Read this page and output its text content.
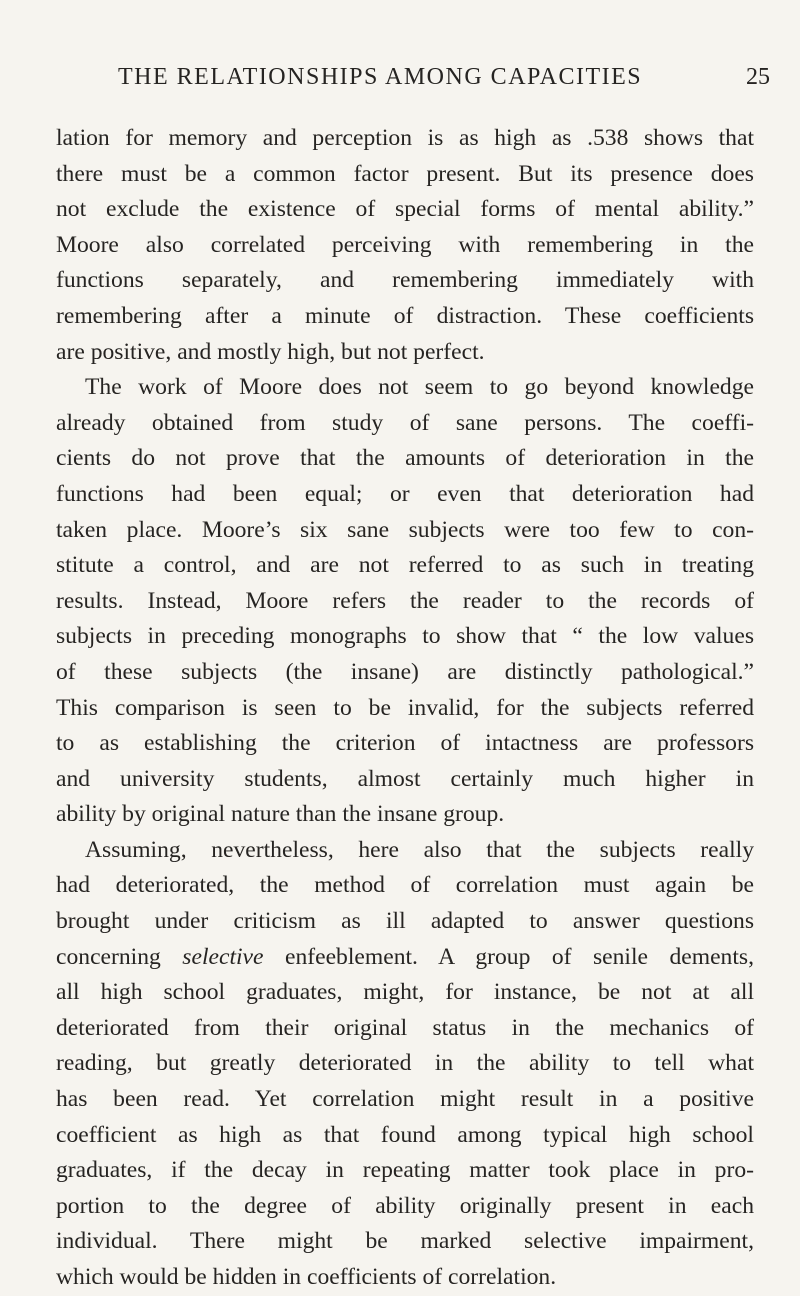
THE RELATIONSHIPS AMONG CAPACITIES	25
lation for memory and perception is as high as .538 shows that
there must be a common factor present. But its presence does
not exclude the existence of special forms of mental ability.”
Moore also correlated perceiving with remembering in the
functions separately, and remembering immediately with
remembering after a minute of distraction. These coefficients
are positive, and mostly high, but not perfect.
The work of Moore does not seem to go beyond knowledge
already obtained from study of sane persons. The coeffi-
cients do not prove that the amounts of deterioration in the
functions had been equal; or even that deterioration had
taken place. Moore’s six sane subjects were too few to con-
stitute a control, and are not referred to as such in treating
results. Instead, Moore refers the reader to the records of
subjects in preceding monographs to show that “ the low values
of these subjects (the insane) are distinctly pathological.”
This comparison is seen to be invalid, for the subjects referred
to as establishing the criterion of intactness are professors
and university students, almost certainly much higher in
ability by original nature than the insane group.
Assuming, nevertheless, here also that the subjects really
had deteriorated, the method of correlation must again be
brought under criticism as ill adapted to answer questions
concerning selective enfeeblement. A group of senile dements,
all high school graduates, might, for instance, be not at all
deteriorated from their original status in the mechanics of
reading, but greatly deteriorated in the ability to tell what
has been read. Yet correlation might result in a positive
coefficient as high as that found among typical high school
graduates, if the decay in repeating matter took place in pro-
portion to the degree of ability originally present in each
individual. There might be marked selective impairment,
which would be hidden in coefficients of correlation.
